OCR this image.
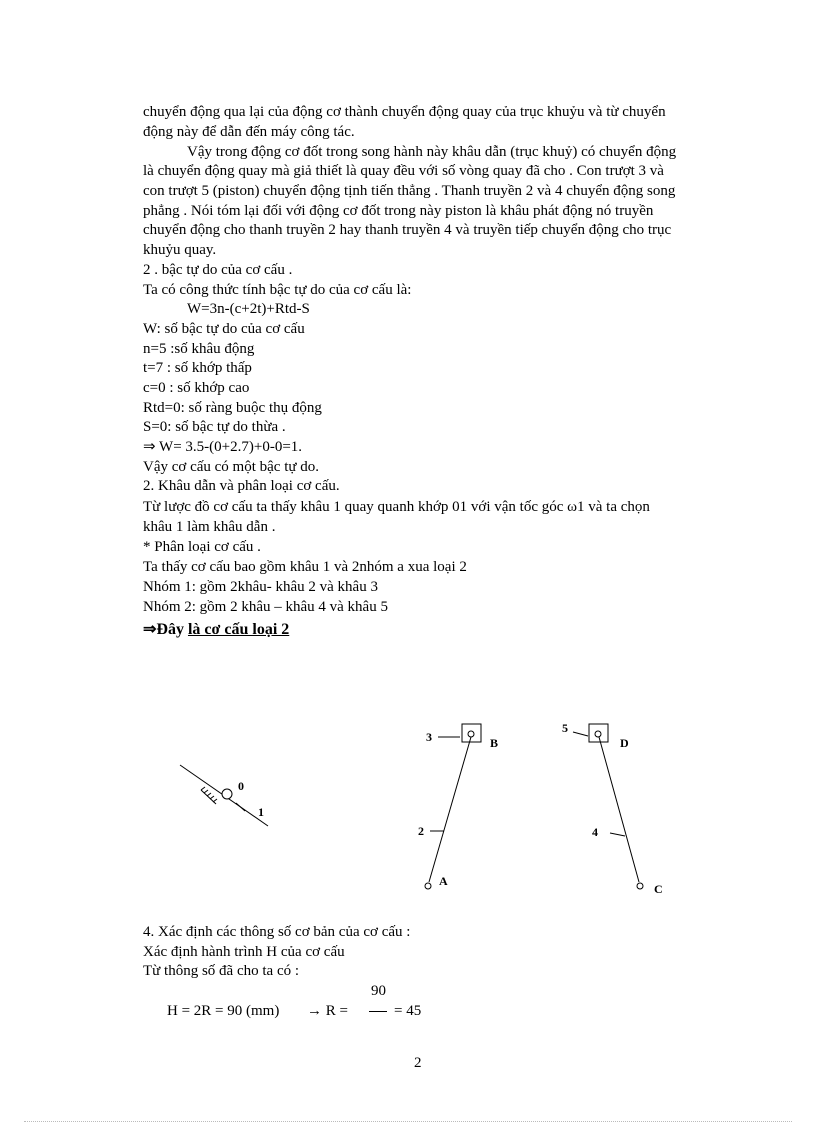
chuyển động qua lại của động cơ thành chuyển động quay của trục khuỷu và từ chuyển
động này để dẫn đến máy công tác.
Vậy trong động cơ đốt trong song hành này khâu dẫn (trục khuỷ) có chuyển động
là chuyển động quay mà giả thiết là quay đều với số vòng quay đã cho . Con trượt 3 và
con trượt 5 (piston) chuyển động tịnh tiến thẳng . Thanh truyền 2 và 4 chuyển động song
phẳng . Nói tóm lại đối với động cơ đốt trong này piston là khâu phát động nó truyền
chuyển động cho thanh truyền 2 hay thanh truyền 4 và truyền tiếp chuyển động cho trục
khuỷu quay.
2 . bậc tự do của cơ cấu .
Ta có công thức tính bậc tự do của cơ cấu là:
W=3n-(c+2t)+Rtd-S
W: số bậc tự do của cơ cấu
n=5 :số khâu động
t=7 : số khớp thấp
c=0 : số khớp cao
Rtd=0: số ràng buộc thụ động
S=0: số bậc tự do thừa .
⇒ W= 3.5-(0+2.7)+0-0=1.
Vậy cơ cấu có một bậc tự do.
2. Khâu dẫn và phân loại cơ cấu.
Từ lược đồ cơ cấu ta thấy khâu 1 quay quanh khớp 01 với vận tốc góc ω1 và ta chọn
khâu 1 làm khâu dẫn .
* Phân loại cơ cấu .
Ta thấy cơ cấu bao gồm khâu 1 và 2nhóm a xua loại 2
Nhóm 1: gồm 2khâu- khâu 2 và khâu 3
Nhóm 2: gồm 2 khâu – khâu 4 và khâu 5
⇒Đây là cơ cấu loại 2
0
1
3	B
2
A
5
D
4
C
4. Xác định các thông số cơ bản của cơ cấu :
Xác định hành trình H của cơ cấu
Từ thông số đã cho ta có :
90
H = 2R = 90 (mm) → R =	= 45
2
